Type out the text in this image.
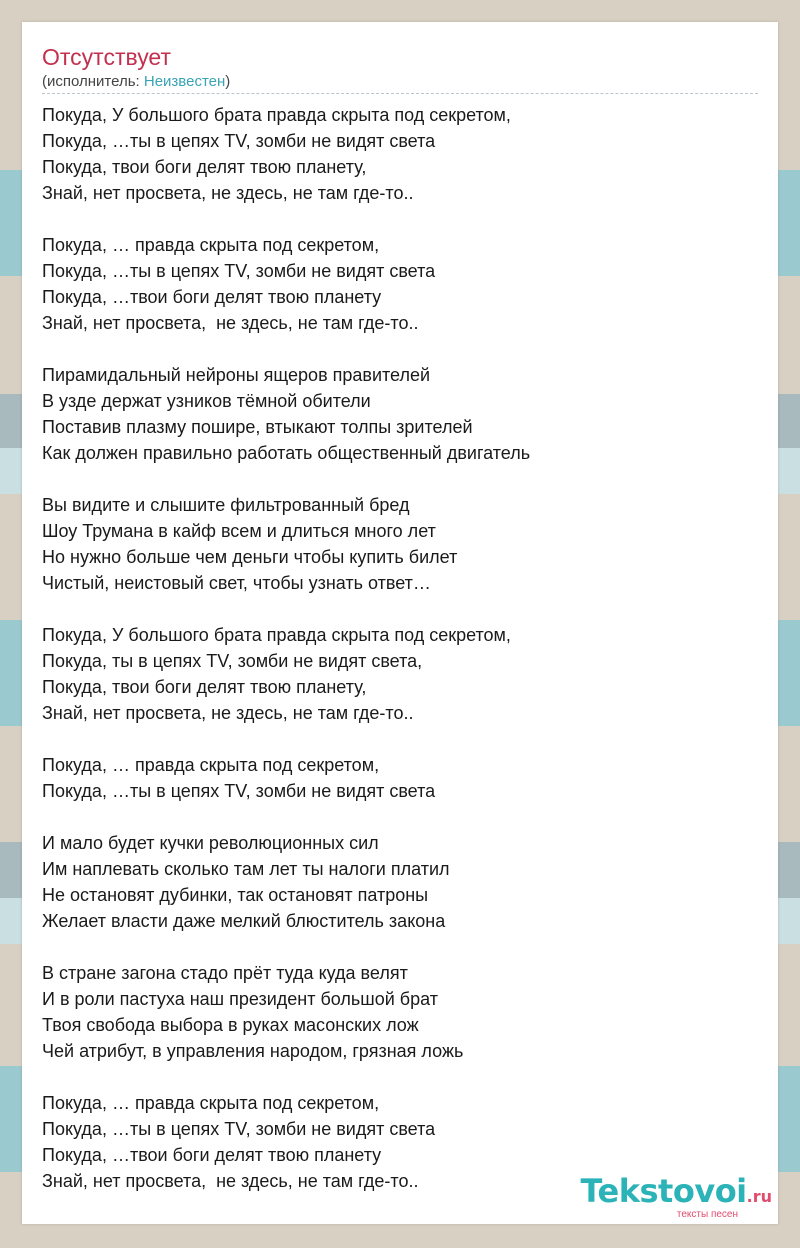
Отсутствует
(исполнитель: Неизвестен)
Покуда, У большого брата правда скрыта под секретом,
Покуда, …ты в цепях TV, зомби не видят света
Покуда, твои боги делят твою планету,
Знай, нет просвета, не здесь, не там где-то..
Покуда, … правда скрыта под секретом,
Покуда, …ты в цепях TV, зомби не видят света
Покуда, …твои боги делят твою планету
Знай, нет просвета,  не здесь, не там где-то..
Пирамидальный нейроны ящеров правителей
В узде держат узников тёмной обители
Поставив плазму пошире, втыкают толпы зрителей
Как должен правильно работать общественный двигатель
Вы видите и слышите фильтрованный бред
Шоу Трумана в кайф всем и длиться много лет
Но нужно больше чем деньги чтобы купить билет
Чистый, неистовый свет, чтобы узнать ответ…
Покуда, У большого брата правда скрыта под секретом,
Покуда, ты в цепях TV, зомби не видят света,
Покуда, твои боги делят твою планету,
Знай, нет просвета, не здесь, не там где-то..
Покуда, … правда скрыта под секретом,
Покуда, …ты в цепях TV, зомби не видят света
И мало будет кучки революционных сил
Им наплевать сколько там лет ты налоги платил
Не остановят дубинки, так остановят патроны
Желает власти даже мелкий блюститель закона
В стране загона стадо прёт туда куда велят
И в роли пастуха наш президент большой брат
Твоя свобода выбора в руках масонских лож
Чей атрибут, в управления народом, грязная ложь
Покуда, … правда скрыта под секретом,
Покуда, …ты в цепях TV, зомби не видят света
Покуда, …твои боги делят твою планету
Знай, нет просвета,  не здесь, не там где-то..	Tekstovoi.ru
тексты песен
